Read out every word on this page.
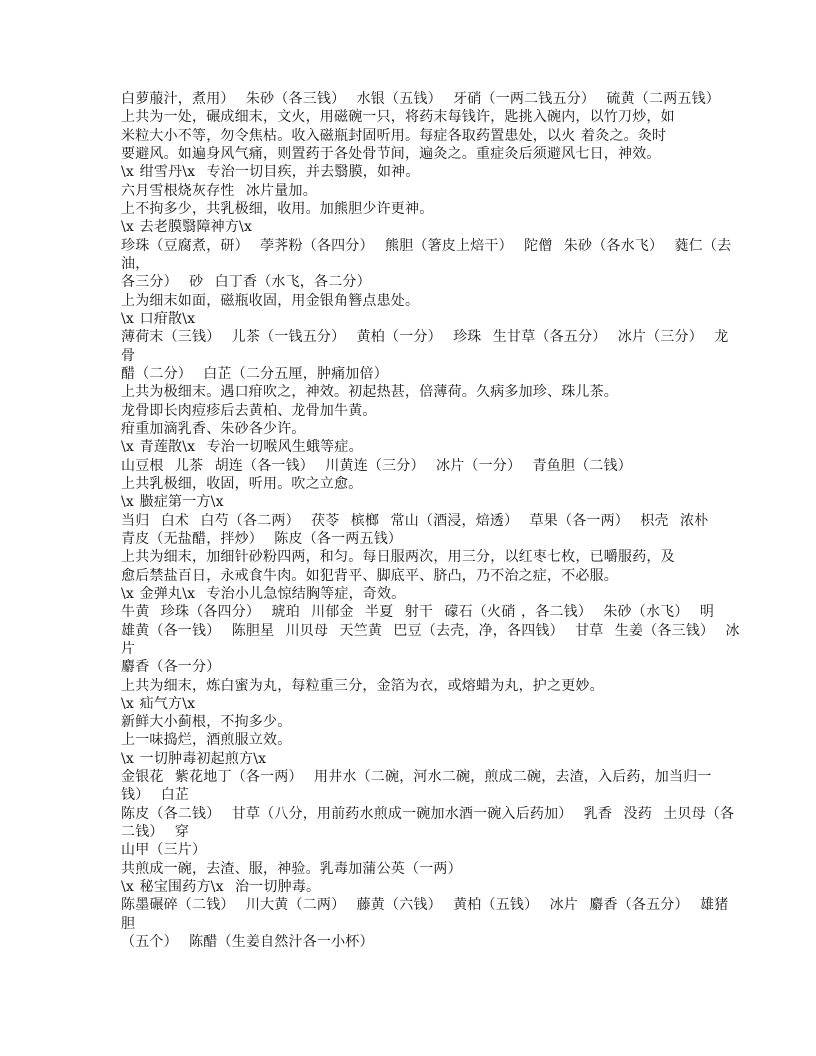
白萝菔汁，煮用）  朱砂（各三钱）  水银（五钱）  牙硝（一两二钱五分）  硫黄（二两五钱）
上共为一处，碾成细末，文火，用磁碗一只，将药末每钱许，匙挑入碗内，以竹刀炒，如
米粒大小不等，勿令焦枯。收入磁瓶封固听用。每症各取药置患处，以火 着灸之。灸时
要避风。如遍身风气痛，则置药于各处骨节间，遍灸之。重症灸后须避风七日，神效。
\x 绀雪丹\x  专治一切目疾，并去翳膜，如神。
六月雪根烧灰存性  冰片量加。
上不拘多少，共乳极细，收用。加熊胆少许更神。
\x 去老膜翳障神方\x
珍珠（豆腐煮，研）  荸荠粉（各四分）  熊胆（箸皮上焙干）  陀僧  朱砂（各水飞）  蕤仁（去
油，
各三分）  砂  白丁香（水飞，各二分）
上为细末如面，磁瓶收固，用金银角簪点患处。
\x 口疳散\x
薄荷末（三钱）  儿茶（一钱五分）  黄柏（一分）  珍珠  生甘草（各五分）  冰片（三分）  龙
骨
醋（二分）  白芷（二分五厘，肿痛加倍）
上共为极细末。遇口疳吹之，神效。初起热甚，倍薄荷。久病多加珍、珠儿茶。
龙骨即长肉痘疹后去黄柏、龙骨加牛黄。
疳重加滴乳香、朱砂各少许。
\x 青莲散\x  专治一切喉风生蛾等症。
山豆根  儿茶  胡连（各一钱）  川黄连（三分）  冰片（一分）  青鱼胆（二钱）
上共乳极细，收固，听用。吹之立愈。
\x 臌症第一方\x
当归  白术  白芍（各二两）  茯苓  槟榔  常山（酒浸，焙透）  草果（各一两）  枳壳  浓朴
青皮（无盐醋，拌炒）  陈皮（各一两五钱）
上共为细末，加细针砂粉四两，和匀。每日服两次，用三分，以红枣七枚，已嚼服药，及
愈后禁盐百日，永戒食牛肉。如犯背平、脚底平、脐凸，乃不治之症，不必服。
\x 金弹丸\x  专治小儿急惊结胸等症，奇效。
牛黄  珍珠（各四分）  琥珀  川郁金  半夏  射干  礞石（火硝 ，各二钱）  朱砂（水飞）  明
雄黄（各一钱）  陈胆星  川贝母  天竺黄  巴豆（去壳，净，各四钱）  甘草  生姜（各三钱）  冰
片
麝香（各一分）
上共为细末，炼白蜜为丸，每粒重三分，金箔为衣，或熔蜡为丸，护之更妙。
\x 疝气方\x
新鲜大小蓟根，不拘多少。
上一味捣烂，酒煎服立效。
\x 一切肿毒初起煎方\x
金银花  紫花地丁（各一两）  用井水（二碗，河水二碗，煎成二碗，去渣，入后药，加当归一
钱）  白芷
陈皮（各二钱）  甘草（八分，用前药水煎成一碗加水酒一碗入后药加）  乳香  没药  土贝母（各
二钱）  穿
山甲（三片）
共煎成一碗，去渣、服，神验。乳毒加蒲公英（一两）
\x 秘宝围药方\x  治一切肿毒。
陈墨碾碎（二钱）  川大黄（二两）  藤黄（六钱）  黄柏（五钱）  冰片  麝香（各五分）  雄猪
胆
（五个）  陈醋（生姜自然汁各一小杯）
